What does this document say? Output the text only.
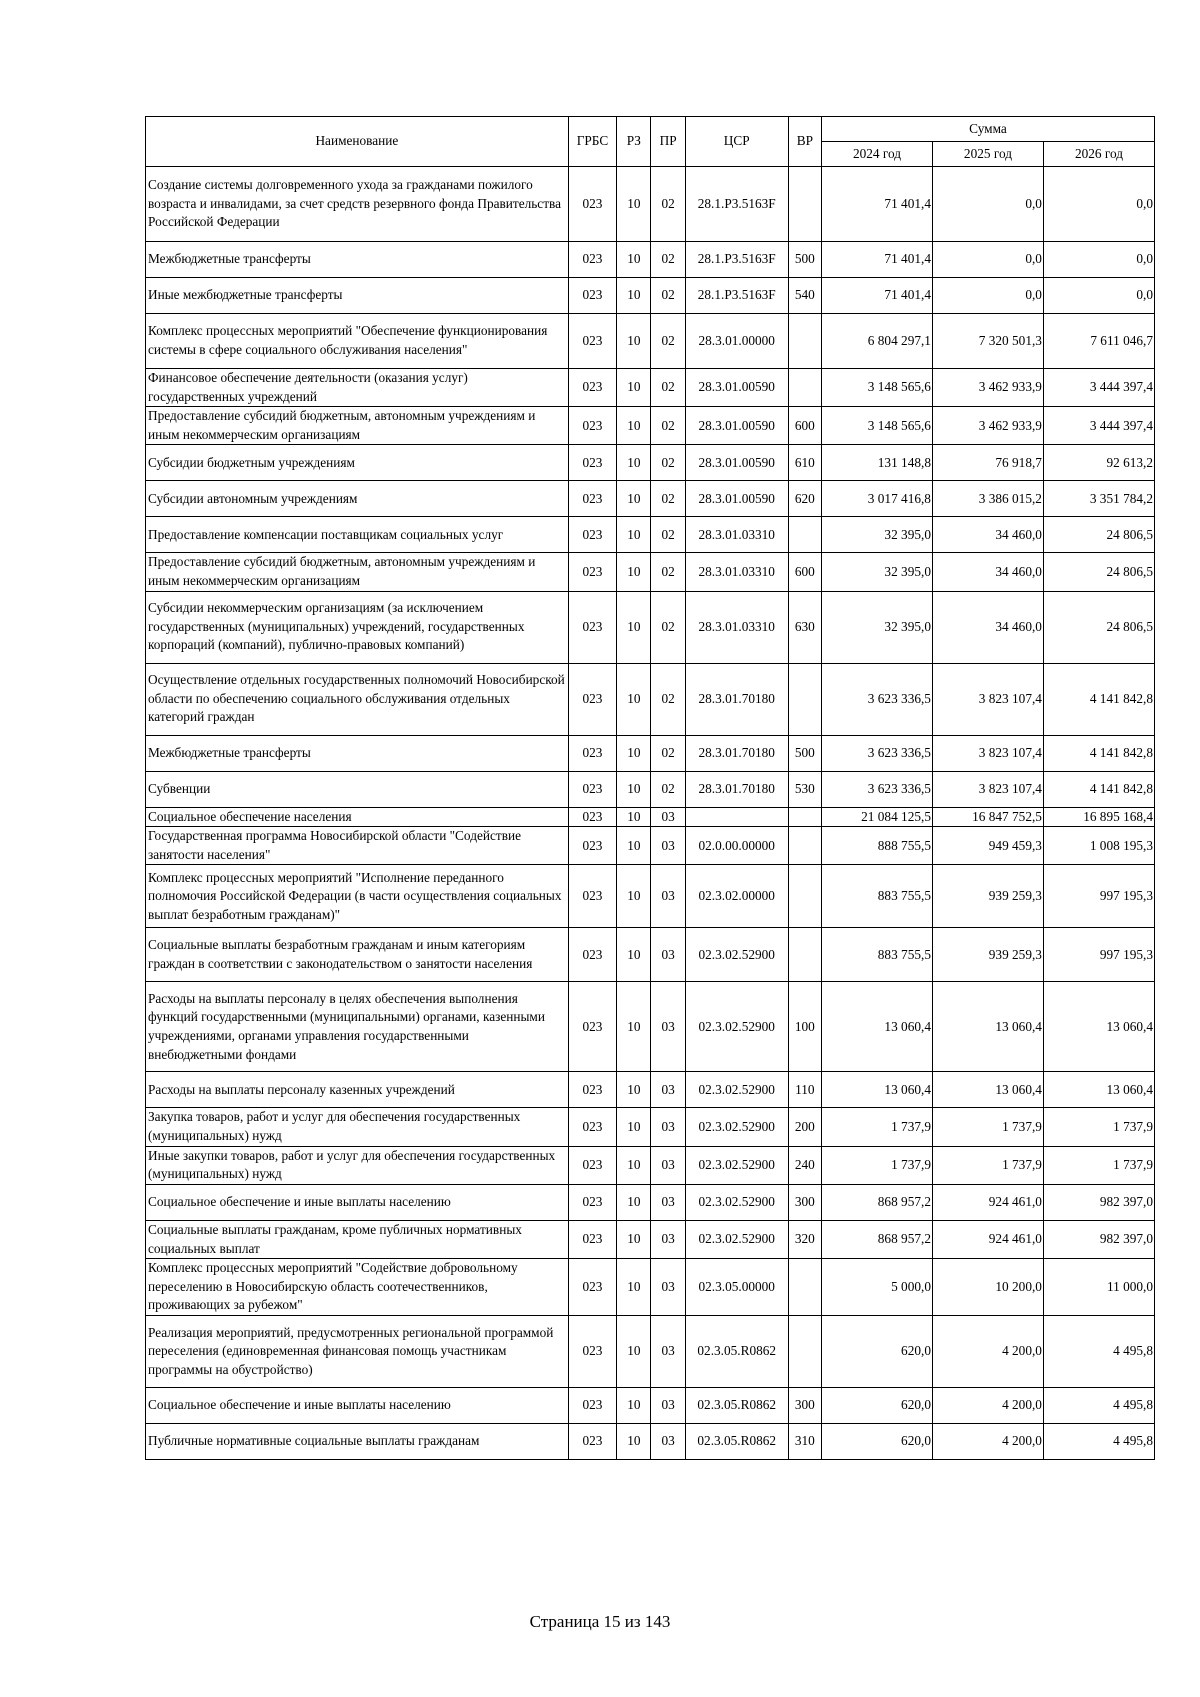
Наименование	ГРБС	РЗ	ПР	ЦСР	ВР	Сумма		
						2024 год	2025 год	2026 год
Создание системы долговременного ухода за гражданами пожилого возраста и инвалидами, за счет средств резервного фонда Правительства Российской Федерации	023	10	02	28.1.Р3.5163F		71 401,4	0,0	0,0
Межбюджетные трансферты	023	10	02	28.1.Р3.5163F	500	71 401,4	0,0	0,0
Иные межбюджетные трансферты	023	10	02	28.1.Р3.5163F	540	71 401,4	0,0	0,0
Комплекс процессных мероприятий "Обеспечение функционирования системы в сфере социального обслуживания населения"	023	10	02	28.3.01.00000		6 804 297,1	7 320 501,3	7 611 046,7
Финансовое обеспечение деятельности (оказания услуг) государственных учреждений	023	10	02	28.3.01.00590		3 148 565,6	3 462 933,9	3 444 397,4
Предоставление субсидий бюджетным, автономным учреждениям и иным некоммерческим организациям	023	10	02	28.3.01.00590	600	3 148 565,6	3 462 933,9	3 444 397,4
Субсидии бюджетным учреждениям	023	10	02	28.3.01.00590	610	131 148,8	76 918,7	92 613,2
Субсидии автономным учреждениям	023	10	02	28.3.01.00590	620	3 017 416,8	3 386 015,2	3 351 784,2
Предоставление компенсации поставщикам социальных услуг	023	10	02	28.3.01.03310		32 395,0	34 460,0	24 806,5
Предоставление субсидий бюджетным, автономным учреждениям и иным некоммерческим организациям	023	10	02	28.3.01.03310	600	32 395,0	34 460,0	24 806,5
Субсидии некоммерческим организациям (за исключением государственных (муниципальных) учреждений, государственных корпораций (компаний), публично-правовых компаний)	023	10	02	28.3.01.03310	630	32 395,0	34 460,0	24 806,5
Осуществление отдельных государственных полномочий Новосибирской области по обеспечению социального обслуживания отдельных категорий граждан	023	10	02	28.3.01.70180		3 623 336,5	3 823 107,4	4 141 842,8
Межбюджетные трансферты	023	10	02	28.3.01.70180	500	3 623 336,5	3 823 107,4	4 141 842,8
Субвенции	023	10	02	28.3.01.70180	530	3 623 336,5	3 823 107,4	4 141 842,8
Социальное обеспечение населения	023	10	03			21 084 125,5	16 847 752,5	16 895 168,4
Государственная программа Новосибирской области "Содействие занятости населения"	023	10	03	02.0.00.00000		888 755,5	949 459,3	1 008 195,3
Комплекс процессных мероприятий "Исполнение переданного полномочия Российской Федерации (в части осуществления социальных выплат безработным гражданам)"	023	10	03	02.3.02.00000		883 755,5	939 259,3	997 195,3
Социальные выплаты безработным гражданам и иным категориям граждан в соответствии с законодательством о занятости населения	023	10	03	02.3.02.52900		883 755,5	939 259,3	997 195,3
Расходы на выплаты персоналу в целях обеспечения выполнения функций государственными (муниципальными) органами, казенными учреждениями, органами управления государственными внебюджетными фондами	023	10	03	02.3.02.52900	100	13 060,4	13 060,4	13 060,4
Расходы на выплаты персоналу казенных учреждений	023	10	03	02.3.02.52900	110	13 060,4	13 060,4	13 060,4
Закупка товаров, работ и услуг для обеспечения государственных (муниципальных) нужд	023	10	03	02.3.02.52900	200	1 737,9	1 737,9	1 737,9
Иные закупки товаров, работ и услуг для обеспечения государственных (муниципальных) нужд	023	10	03	02.3.02.52900	240	1 737,9	1 737,9	1 737,9
Социальное обеспечение и иные выплаты населению	023	10	03	02.3.02.52900	300	868 957,2	924 461,0	982 397,0
Социальные выплаты гражданам, кроме публичных нормативных социальных выплат	023	10	03	02.3.02.52900	320	868 957,2	924 461,0	982 397,0
Комплекс процессных мероприятий "Содействие добровольному переселению в Новосибирскую область соотечественников, проживающих за рубежом"	023	10	03	02.3.05.00000		5 000,0	10 200,0	11 000,0
Реализация мероприятий, предусмотренных региональной программой переселения (единовременная финансовая помощь участникам программы на обустройство)	023	10	03	02.3.05.R0862		620,0	4 200,0	4 495,8
Социальное обеспечение и иные выплаты населению	023	10	03	02.3.05.R0862	300	620,0	4 200,0	4 495,8
Публичные нормативные социальные выплаты гражданам	023	10	03	02.3.05.R0862	310	620,0	4 200,0	4 495,8
Страница 15 из 143
